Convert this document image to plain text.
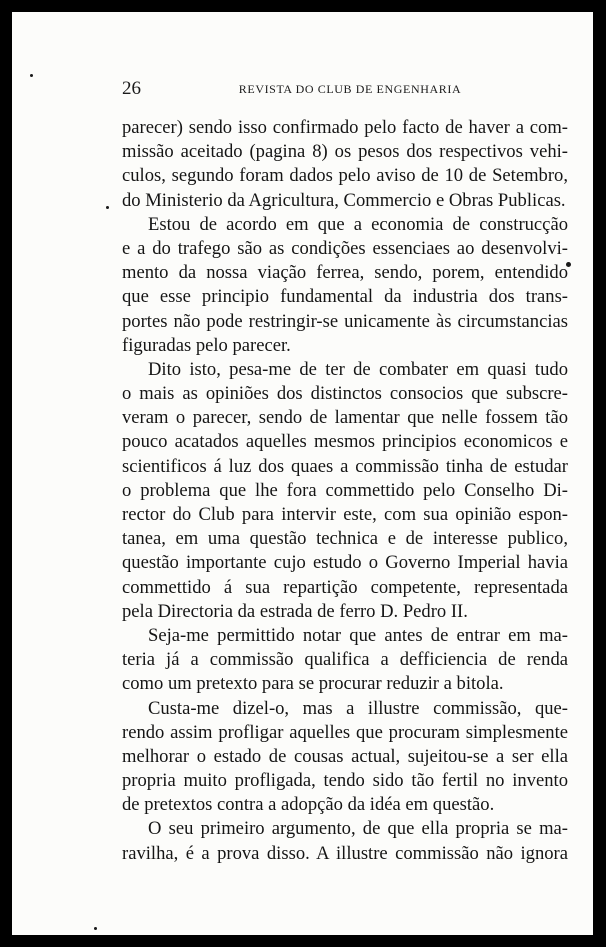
26	REVISTA DO CLUB DE ENGENHARIA
parecer) sendo isso confirmado pelo facto de haver a com-
missão aceitado (pagina 8) os pesos dos respectivos vehi-
culos, segundo foram dados pelo aviso de 10 de Setembro,
do Ministerio da Agricultura, Commercio e Obras Publicas.
Estou de acordo em que a economia de construcção
e a do trafego são as condições essenciaes ao desenvolvi-
mento da nossa viação ferrea, sendo, porem, entendido
que esse principio fundamental da industria dos trans-
portes não pode restringir-se unicamente às circumstancias
figuradas pelo parecer.
Dito isto, pesa-me de ter de combater em quasi tudo
o mais as opiniões dos distinctos consocios que subscre-
veram o parecer, sendo de lamentar que nelle fossem tão
pouco acatados aquelles mesmos principios economicos e
scientificos á luz dos quaes a commissão tinha de estudar
o problema que lhe fora commettido pelo Conselho Di-
rector do Club para intervir este, com sua opinião espon-
tanea, em uma questão technica e de interesse publico,
questão importante cujo estudo o Governo Imperial havia
commettido á sua repartição competente, representada
pela Directoria da estrada de ferro D. Pedro II.
Seja-me permittido notar que antes de entrar em ma-
teria já a commissão qualifica a defficiencia de renda
como um pretexto para se procurar reduzir a bitola.
Custa-me dizel-o, mas a illustre commissão, que-
rendo assim profligar aquelles que procuram simplesmente
melhorar o estado de cousas actual, sujeitou-se a ser ella
propria muito profligada, tendo sido tão fertil no invento
de pretextos contra a adopção da idéa em questão.
O seu primeiro argumento, de que ella propria se ma-
ravilha, é a prova disso. A illustre commissão não ignora
